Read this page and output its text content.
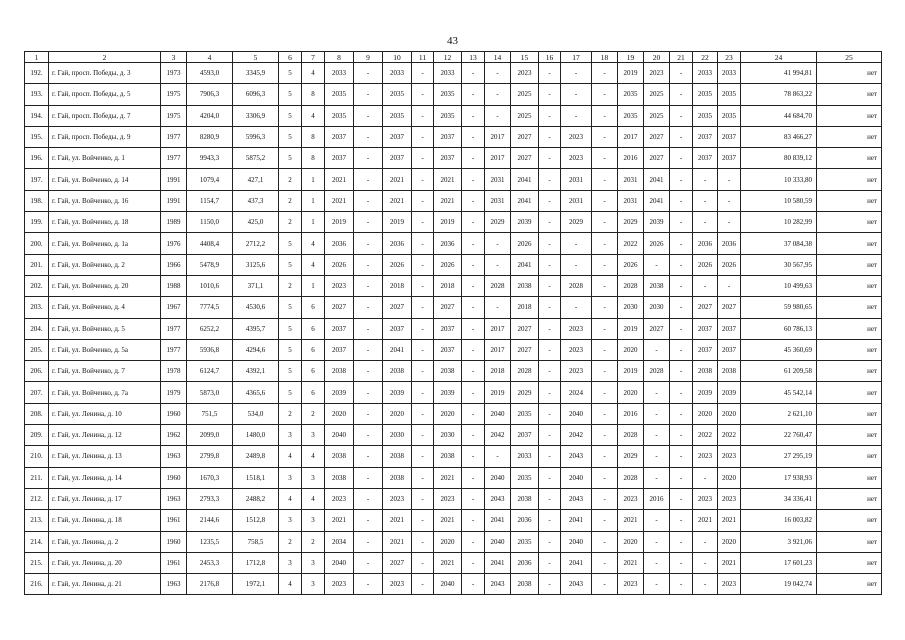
43
1	2	3	4	5	6	7	8	9	10	11	12	13	14	15	16	17	18	19	20	21	22	23	24	25
192.	г. Гай, просп. Победы, д. 3	1973	4593,0	3345,9	5	4	2033	-	2033	-	2033	-	-	2023	-	-	-	2019	2023	-	2033	2033	41 994,81	нет
193.	г. Гай, просп. Победы, д. 5	1975	7906,3	6096,3	5	8	2035	-	2035	-	2035	-	-	2025	-	-	-	2035	2025	-	2035	2035	78 863,22	нет
194.	г. Гай, просп. Победы, д. 7	1975	4204,0	3306,9	5	4	2035	-	2035	-	2035	-	-	2025	-	-	-	2035	2025	-	2035	2035	44 684,70	нет
195.	г. Гай, просп. Победы, д. 9	1977	8280,9	5996,3	5	8	2037	-	2037	-	2037	-	2017	2027	-	2023	-	2017	2027	-	2037	2037	83 466,27	нет
196.	г. Гай, ул. Войченко, д. 1	1977	9943,3	5875,2	5	8	2037	-	2037	-	2037	-	2017	2027	-	2023	-	2016	2027	-	2037	2037	80 839,12	нет
197.	г. Гай, ул. Войченко, д. 14	1991	1079,4	427,1	2	1	2021	-	2021	-	2021	-	2031	2041	-	2031	-	2031	2041	-	-	-	10 333,80	нет
198.	г. Гай, ул. Войченко, д. 16	1991	1154,7	437,3	2	1	2021	-	2021	-	2021	-	2031	2041	-	2031	-	2031	2041	-	-	-	10 580,59	нет
199.	г. Гай, ул. Войченко, д. 18	1989	1150,0	425,0	2	1	2019	-	2019	-	2019	-	2029	2039	-	2029	-	2029	2039	-	-	-	10 282,99	нет
200.	г. Гай, ул. Войченко, д. 1а	1976	4408,4	2712,2	5	4	2036	-	2036	-	2036	-	-	2026	-	-	-	2022	2026	-	2036	2036	37 084,38	нет
201.	г. Гай, ул. Войченко, д. 2	1966	5478,9	3125,6	5	4	2026	-	2026	-	2026	-	-	2041	-	-	-	2026	-	-	2026	2026	30 567,95	нет
202.	г. Гай, ул. Войченко, д. 20	1988	1010,6	371,1	2	1	2023	-	2018	-	2018	-	2028	2038	-	2028	-	2028	2038	-	-	-	10 499,63	нет
203.	г. Гай, ул. Войченко, д. 4	1967	7774,5	4530,6	5	6	2027	-	2027	-	2027	-	-	2018	-	-	-	2030	2030	-	2027	2027	59 980,65	нет
204.	г. Гай, ул. Войченко, д. 5	1977	6252,2	4395,7	5	6	2037	-	2037	-	2037	-	2017	2027	-	2023	-	2019	2027	-	2037	2037	60 786,13	нет
205.	г. Гай, ул. Войченко, д. 5а	1977	5936,8	4294,6	5	6	2037	-	2041	-	2037	-	2017	2027	-	2023	-	2020	-	-	2037	2037	45 360,69	нет
206.	г. Гай, ул. Войченко, д. 7	1978	6124,7	4392,1	5	6	2038	-	2038	-	2038	-	2018	2028	-	2023	-	2019	2028	-	2038	2038	61 209,58	нет
207.	г. Гай, ул. Войченко, д. 7а	1979	5873,0	4365,6	5	6	2039	-	2039	-	2039	-	2019	2029	-	2024	-	2020	-	-	2039	2039	45 542,14	нет
208.	г. Гай, ул. Ленина, д. 10	1960	751,5	534,0	2	2	2020	-	2020	-	2020	-	2040	2035	-	2040	-	2016	-	-	2020	2020	2 621,10	нет
209.	г. Гай, ул. Ленина, д. 12	1962	2099,0	1480,0	3	3	2040	-	2030	-	2030	-	2042	2037	-	2042	-	2028	-	-	2022	2022	22 760,47	нет
210.	г. Гай, ул. Ленина, д. 13	1963	2799,8	2489,8	4	4	2038	-	2038	-	2038	-	-	2033	-	2043	-	2029	-	-	2023	2023	27 295,19	нет
211.	г. Гай, ул. Ленина, д. 14	1960	1670,3	1518,1	3	3	2038	-	2038	-	2021	-	2040	2035	-	2040	-	2028	-	-	-	2020	17 938,93	нет
212.	г. Гай, ул. Ленина, д. 17	1963	2793,3	2488,2	4	4	2023	-	2023	-	2023	-	2043	2038	-	2043	-	2023	2016	-	2023	2023	34 336,41	нет
213.	г. Гай, ул. Ленина, д. 18	1961	2144,6	1512,8	3	3	2021	-	2021	-	2021	-	2041	2036	-	2041	-	2021	-	-	2021	2021	16 003,82	нет
214.	г. Гай, ул. Ленина, д. 2	1960	1235,5	758,5	2	2	2034	-	2021	-	2020	-	2040	2035	-	2040	-	2020	-	-	-	2020	3 921,06	нет
215.	г. Гай, ул. Ленина, д. 20	1961	2453,3	1712,8	3	3	2040	-	2027	-	2021	-	2041	2036	-	2041	-	2021	-	-	-	2021	17 601,23	нет
216.	г. Гай, ул. Ленина, д. 21	1963	2176,8	1972,1	4	3	2023	-	2023	-	2040	-	2043	2038	-	2043	-	2023	-	-	-	2023	19 042,74	нет
